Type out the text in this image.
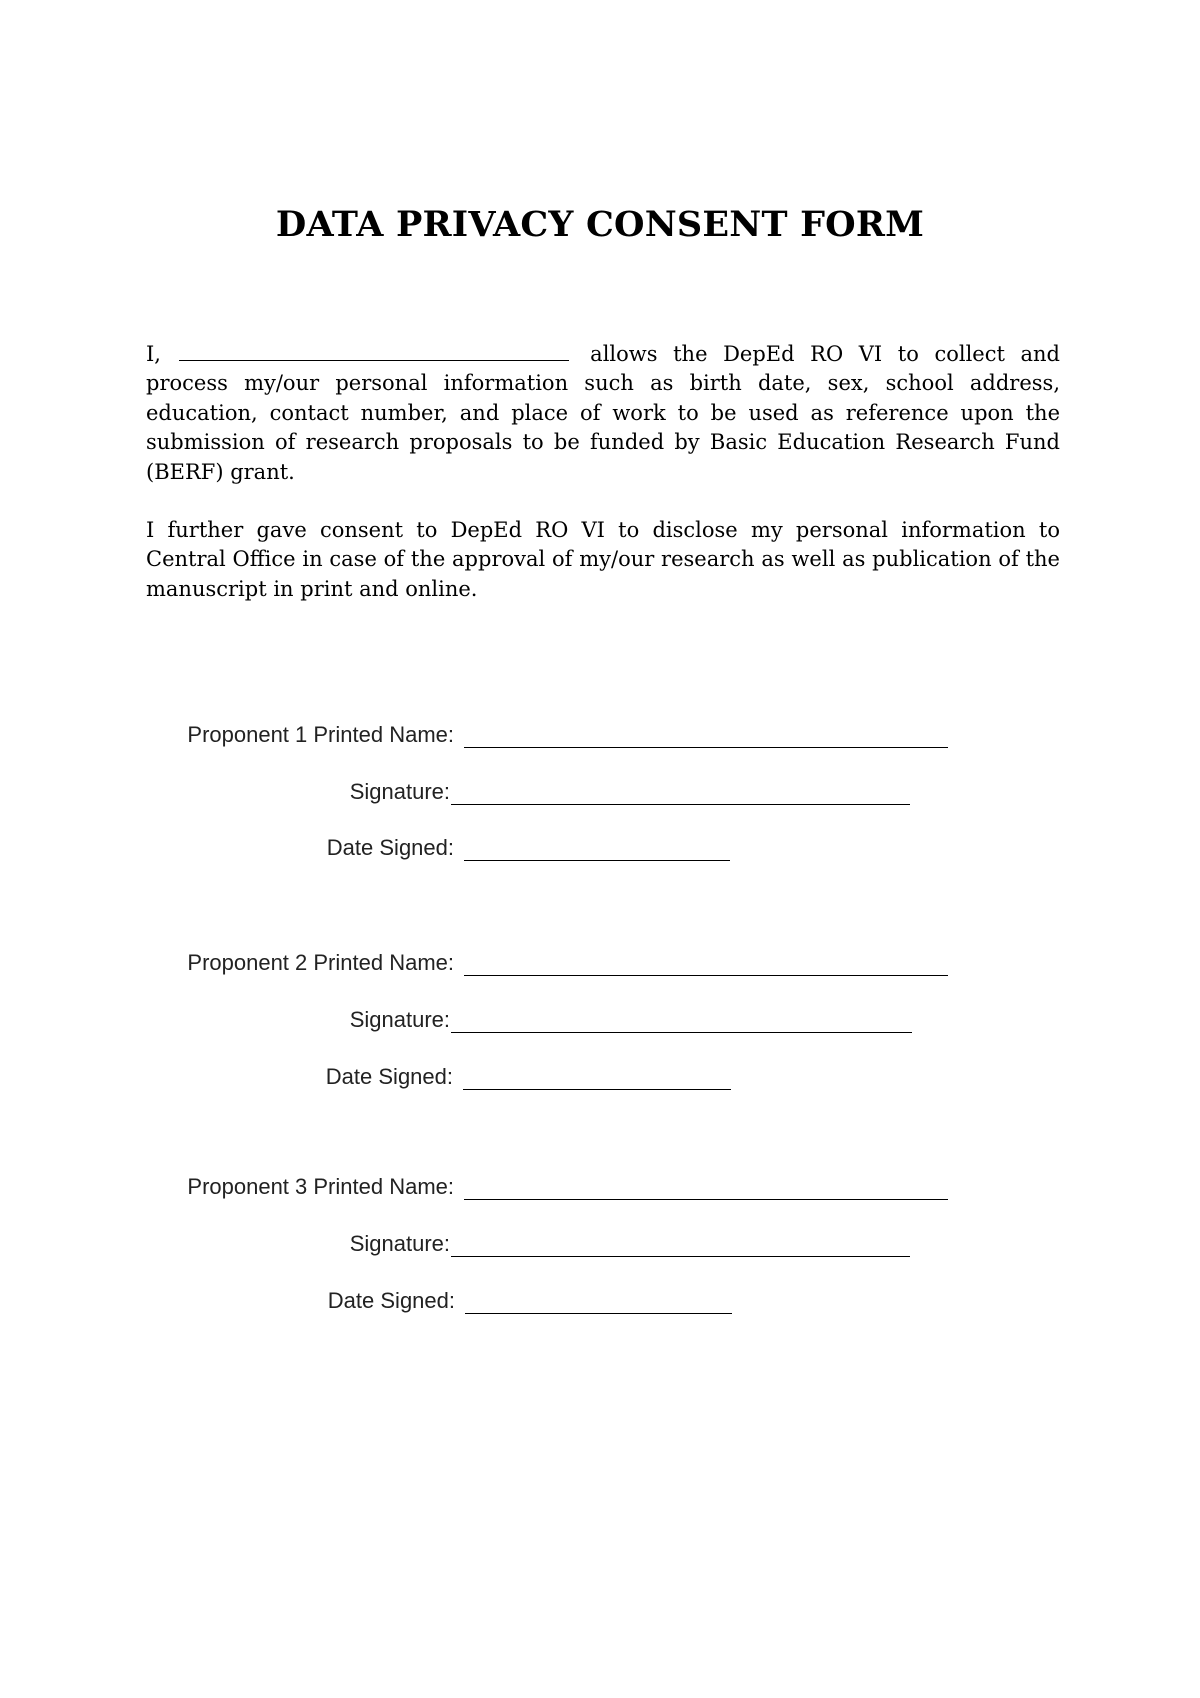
DATA PRIVACY CONSENT FORM
I,	allows the DepEd RO VI to collect and process my/our personal information such as birth date, sex, school address, education, contact number, and place of work to be used as reference upon the submission of research proposals to be funded by Basic Education Research Fund (BERF) grant.
I further gave consent to DepEd RO VI to disclose my personal information to Central Office in case of the approval of my/our research as well as publication of the manuscript in print and online.
Proponent 1 Printed Name:
Signature:
Date Signed:
Proponent 2 Printed Name:
Signature:
Date Signed:
Proponent 3 Printed Name:
Signature:
Date Signed:
